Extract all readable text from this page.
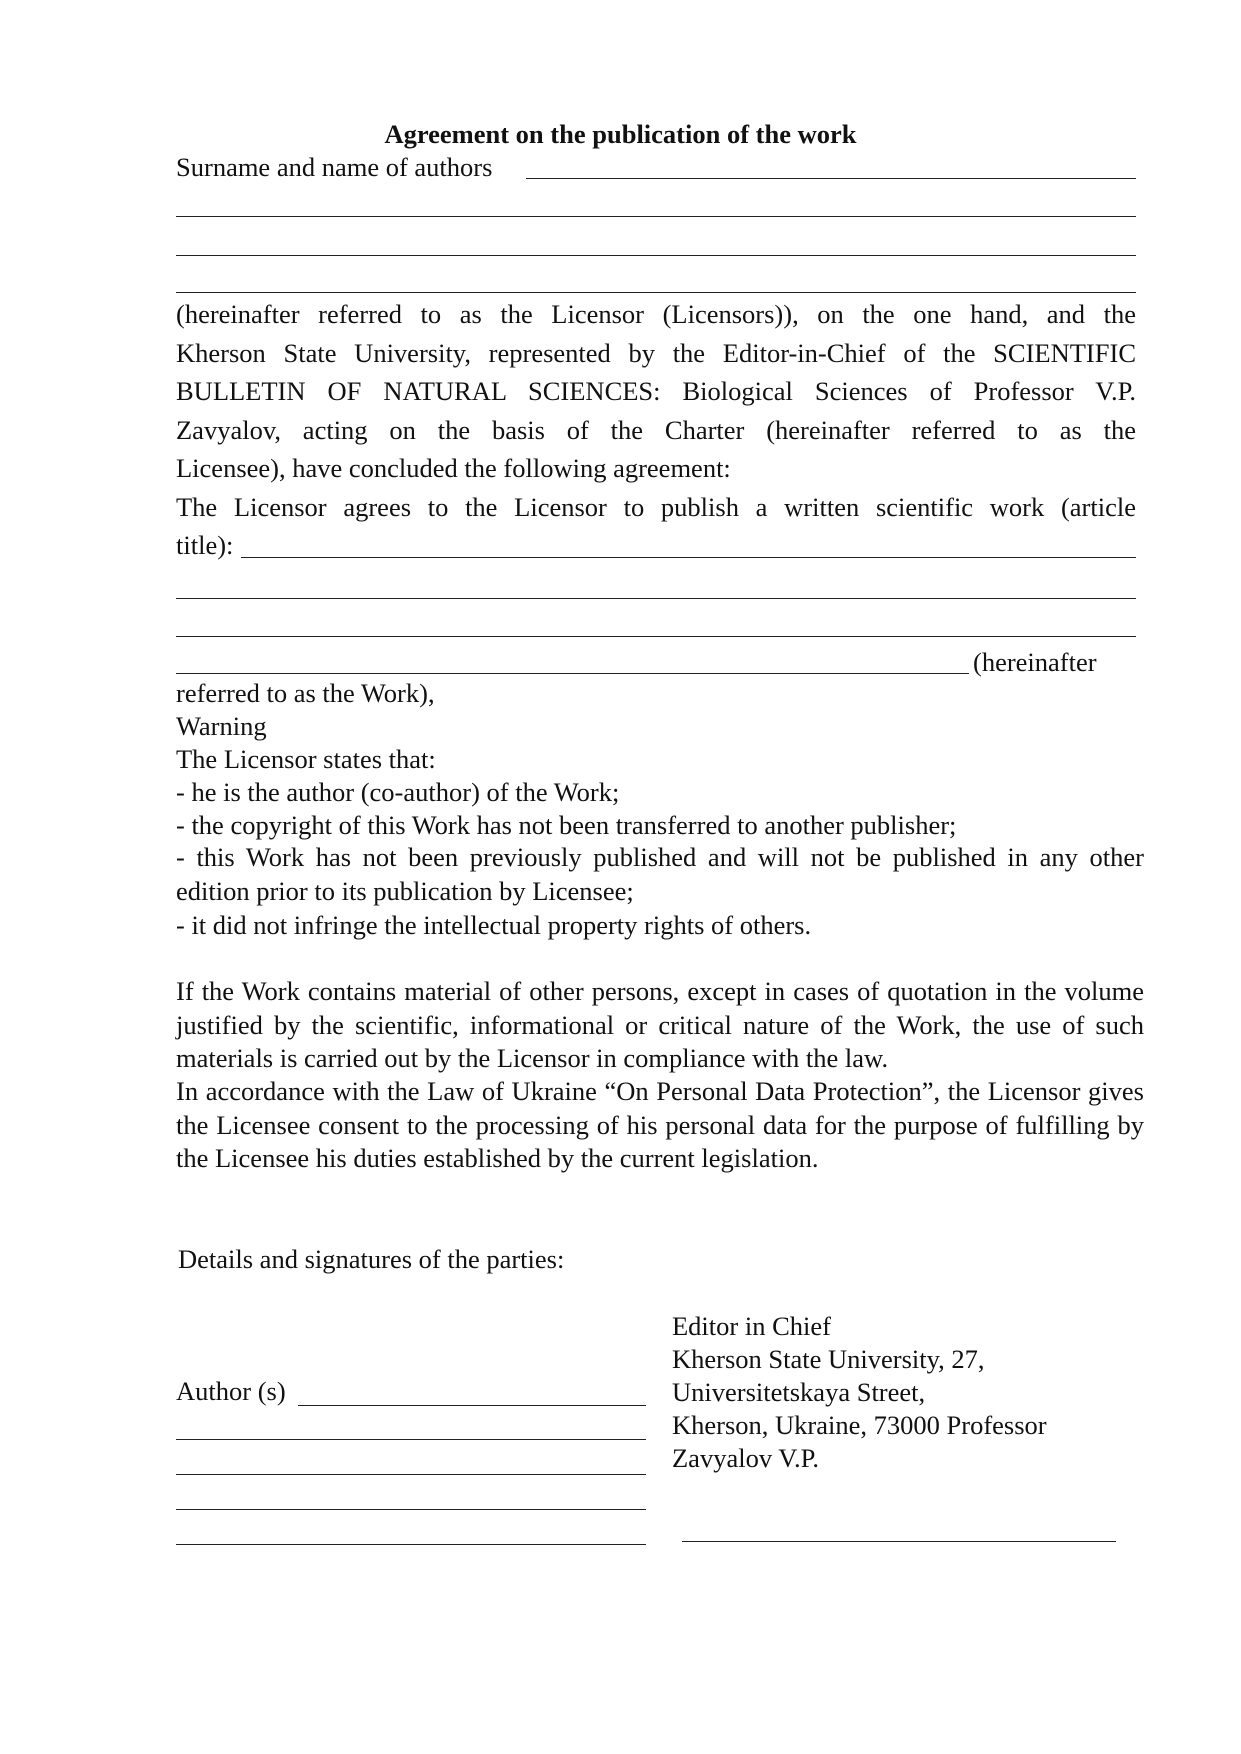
Agreement on the publication of the work
Surname and name of authors
(hereinafter referred to as the Licensor (Licensors)), on the one hand, and the
Kherson State University, represented by the Editor-in-Chief of the SCIENTIFIC
BULLETIN OF NATURAL SCIENCES: Biological Sciences of Professor V.P.
Zavyalov, acting on the basis of the Charter (hereinafter referred to as the
Licensee), have concluded the following agreement:
The Licensor agrees to the Licensor to publish a written scientific work (article
title):
(hereinafter
referred to as the Work),
Warning
The Licensor states that:
- he is the author (co-author) of the Work;
- the copyright of this Work has not been transferred to another publisher;
- this Work has not been previously published and will not be published in any other edition prior to its publication by Licensee;
- it did not infringe the intellectual property rights of others.
If the Work contains material of other persons, except in cases of quotation in the volume justified by the scientific, informational or critical nature of the Work, the use of such materials is carried out by the Licensor in compliance with the law.
In accordance with the Law of Ukraine “On Personal Data Protection”, the Licensor gives the Licensee consent to the processing of his personal data for the purpose of fulfilling by the Licensee his duties established by the current legislation.
Details and signatures of the parties:
Author (s)
Editor in Chief
Kherson State University, 27,
Universitetskaya Street,
Kherson, Ukraine, 73000 Professor
Zavyalov V.P.
